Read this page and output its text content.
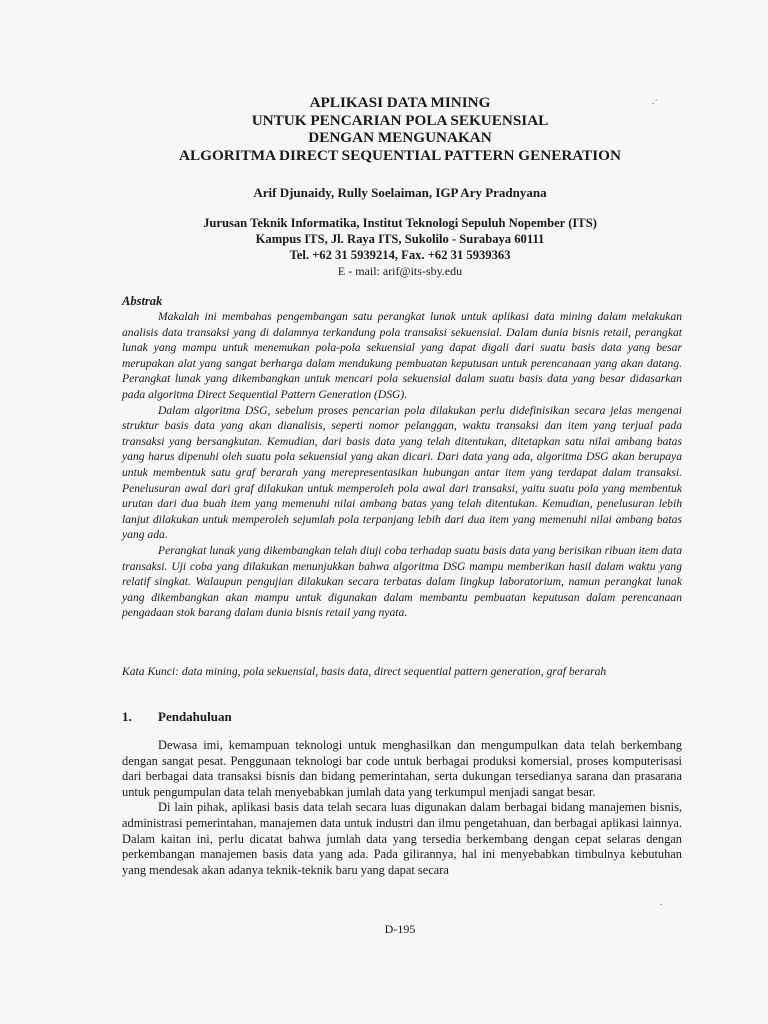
APLIKASI DATA MINING
UNTUK PENCARIAN POLA SEKUENSIAL
DENGAN MENGUNAKAN
ALGORITMA DIRECT SEQUENTIAL PATTERN GENERATION
Arif Djunaidy, Rully Soelaiman, IGP Ary Pradnyana
Jurusan Teknik Informatika, Institut Teknologi Sepuluh Nopember (ITS)
Kampus ITS, Jl. Raya ITS, Sukolilo - Surabaya 60111
Tel. +62 31 5939214, Fax. +62 31 5939363
E - mail: arif@its-sby.edu
Abstrak

Makalah ini membahas pengembangan satu perangkat lunak untuk aplikasi data mining dalam melakukan analisis data transaksi yang di dalamnya terkandung pola transaksi sekuensial. Dalam dunia bisnis retail, perangkat lunak yang mampu untuk menemukan pola-pola sekuensial yang dapat digali dari suatu basis data yang besar merupakan alat yang sangat berharga dalam mendukung pembuatan keputusan untuk perencanaan yang akan datang. Perangkat lunak yang dikembangkan untuk mencari pola sekuensial dalam suatu basis data yang besar didasarkan pada algoritma Direct Sequential Pattern Generation (DSG).

Dalam algoritma DSG, sebelum proses pencarian pola dilakukan perlu didefinisikan secara jelas mengenai struktur basis data yang akan dianalisis, seperti nomor pelanggan, waktu transaksi dan item yang terjual pada transaksi yang bersangkutan. Kemudian, dari basis data yang telah ditentukan, ditetapkan satu nilai ambang batas yang harus dipenuhi oleh suatu pola sekuensial yang akan dicari. Dari data yang ada, algoritma DSG akan berupaya untuk membentuk satu graf berarah yang merepresentasikan hubungan antar item yang terdapat dalam transaksi. Penelusuran awal dari graf dilakukan untuk memperoleh pola awal dari transaksi, yaitu suatu pola yang membentuk urutan dari dua buah item yang memenuhi nilai ambang batas yang telah ditentukan. Kemudian, penelusuran lebih lanjut dilakukan untuk memperoleh sejumlah pola terpanjang lebih dari dua item yang memenuhi nilai ambang batas yang ada.

Perangkat lunak yang dikembangkan telah diuji coba terhadap suatu basis data yang berisikan ribuan item data transaksi. Uji coba yang dilakukan menunjukkan bahwa algoritma DSG mampu memberikan hasil dalam waktu yang relatif singkat. Walaupun pengujian dilakukan secara terbatas dalam lingkup laboratorium, namun perangkat lunak yang dikembangkan akan mampu untuk digunakan dalam membantu pembuatan keputusan dalam perencanaan pengadaan stok barang dalam dunia bisnis retail yang nyata.

Kata Kunci: data mining, pola sekuensial, basis data, direct sequential pattern generation, graf berarah
1. Pendahuluan

Dewasa imi, kemampuan teknologi untuk menghasilkan dan mengumpulkan data telah berkembang dengan sangat pesat. Penggunaan teknologi bar code untuk berbagai produksi komersial, proses komputerisasi dari berbagai data transaksi bisnis dan bidang pemerintahan, serta dukungan tersedianya sarana dan prasarana untuk pengumpulan data telah menyebabkan jumlah data yang terkumpul menjadi sangat besar.

Di lain pihak, aplikasi basis data telah secara luas digunakan dalam berbagai bidang manajemen bisnis, administrasi pemerintahan, manajemen data untuk industri dan ilmu pengetahuan, dan berbagai aplikasi lainnya. Dalam kaitan ini, perlu dicatat bahwa jumlah data yang tersedia berkembang dengan cepat selaras dengan perkembangan manajemen basis data yang ada. Pada gilirannya, hal ini menyebabkan timbulnya kebutuhan yang mendesak akan adanya teknik-teknik baru yang dapat secara

D-195
.·
.
